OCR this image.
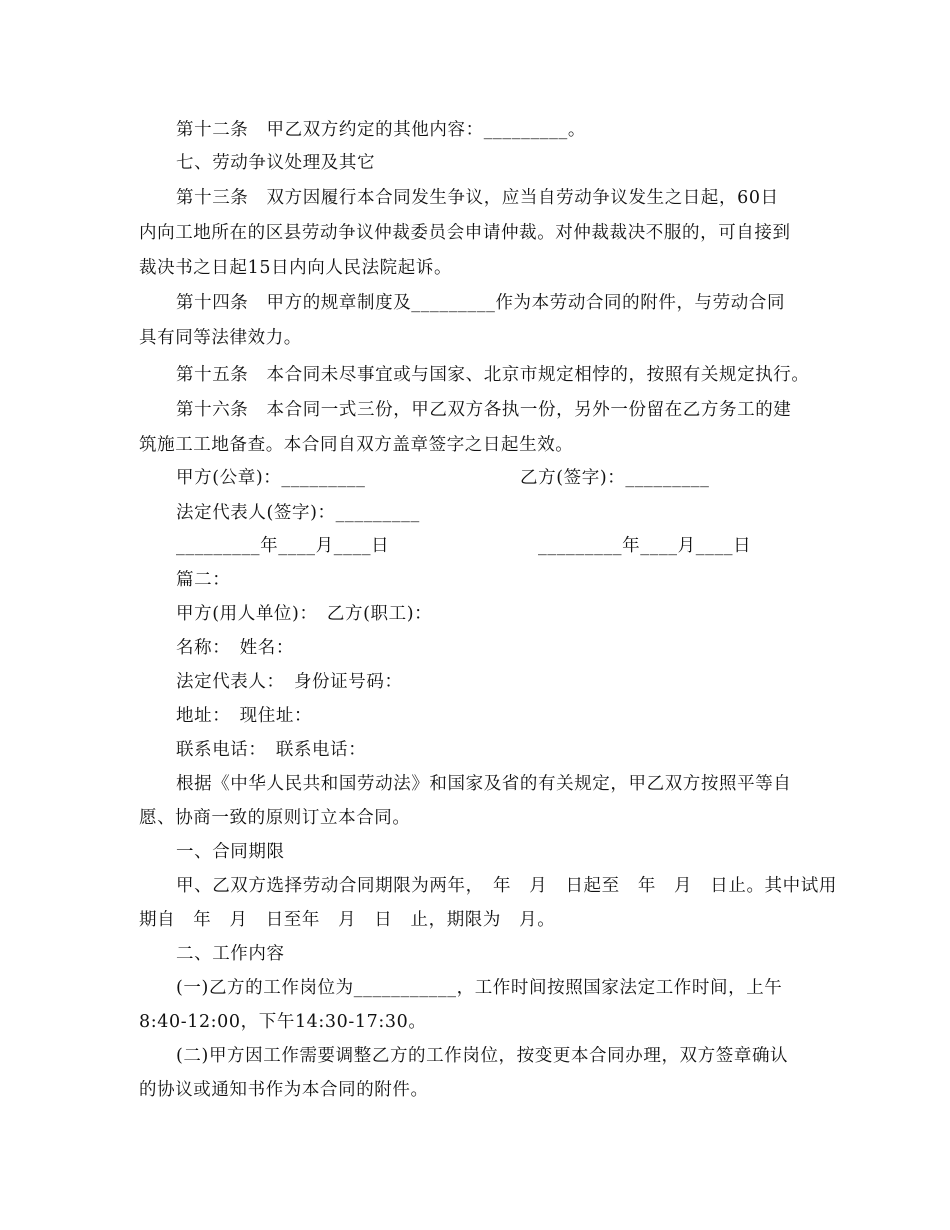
第十二条　甲乙双方约定的其他内容：_________。
七、劳动争议处理及其它
第十三条　双方因履行本合同发生争议，应当自劳动争议发生之日起，60日
内向工地所在的区县劳动争议仲裁委员会申请仲裁。对仲裁裁决不服的，可自接到
裁决书之日起15日内向人民法院起诉。
第十四条　甲方的规章制度及_________作为本劳动合同的附件，与劳动合同
具有同等法律效力。
第十五条　本合同未尽事宜或与国家、北京市规定相悖的，按照有关规定执行。
第十六条　本合同一式三份，甲乙双方各执一份，另外一份留在乙方务工的建
筑施工工地备查。本合同自双方盖章签字之日起生效。
甲方(公章)：_________	乙方(签字)：_________
法定代表人(签字)：_________
_________年____月____日	_________年____月____日
篇二：
甲方(用人单位)：　乙方(职工)：
名称：　姓名：
法定代表人：　身份证号码：
地址：　现住址：
联系电话：　联系电话：
根据《中华人民共和国劳动法》和国家及省的有关规定，甲乙双方按照平等自
愿、协商一致的原则订立本合同。
一、合同期限
甲、乙双方选择劳动合同期限为两年，　年　月　日起至　年　月　日止。其中试用
期自　年　月　日至年　月　日　止，期限为　月。
二、工作内容
(一)乙方的工作岗位为___________，工作时间按照国家法定工作时间，上午
8:40-12:00，下午14:30-17:30。
(二)甲方因工作需要调整乙方的工作岗位，按变更本合同办理，双方签章确认
的协议或通知书作为本合同的附件。
